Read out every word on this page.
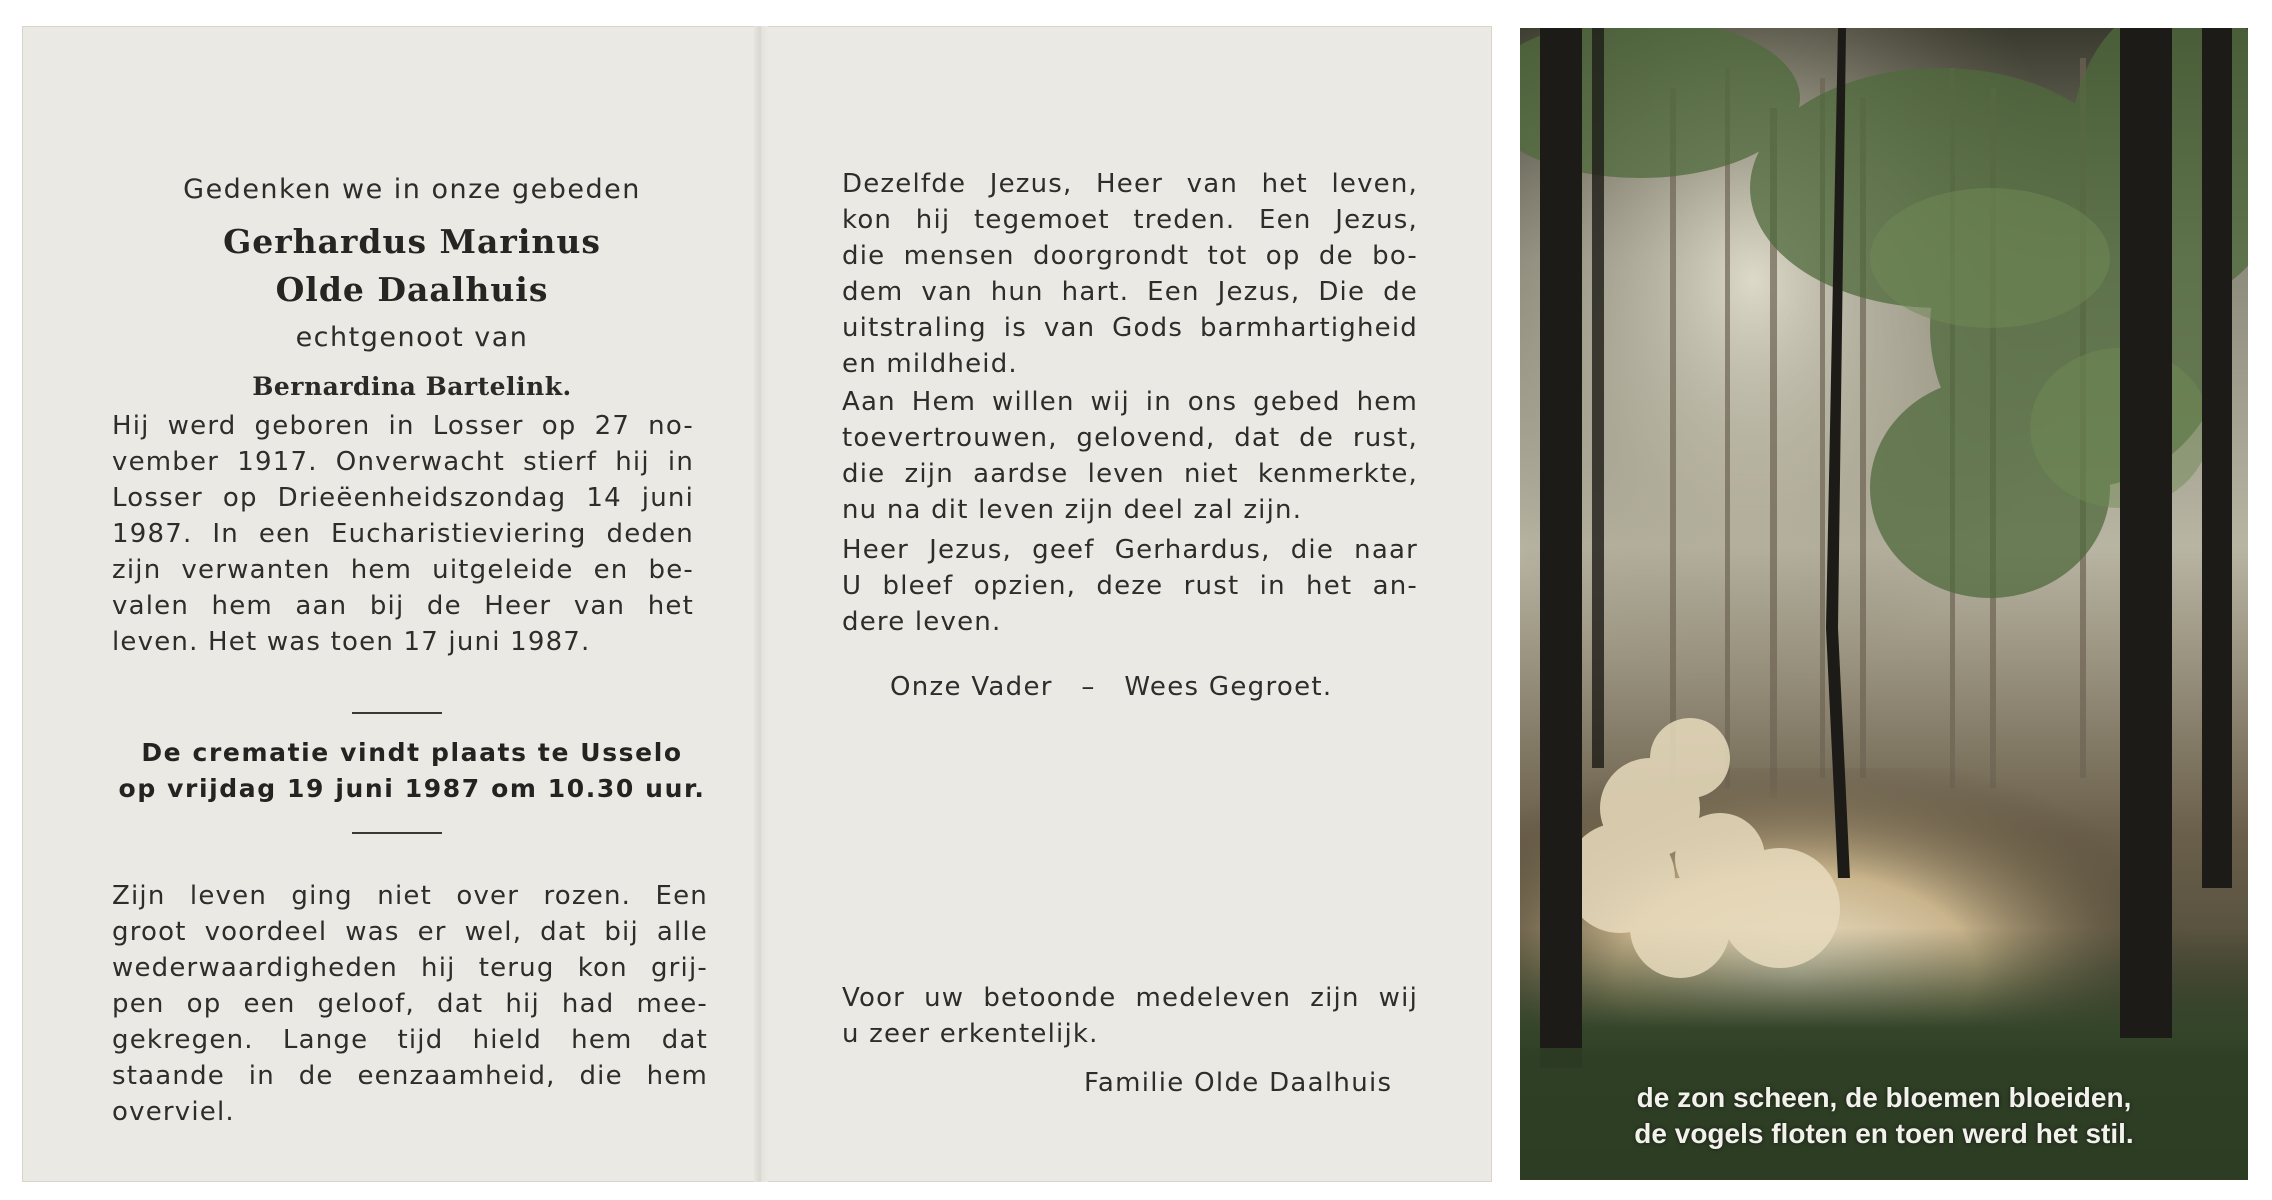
Gedenken we in onze gebeden
Gerhardus Marinus
Olde Daalhuis
echtgenoot van
Bernardina Bartelink.
Hij werd geboren in Losser op 27 no-
vember 1917. Onverwacht stierf hij in
Losser op Drieëenheidszondag 14 juni
1987. In een Eucharistieviering deden
zijn verwanten hem uitgeleide en be-
valen hem aan bij de Heer van het
leven. Het was toen 17 juni 1987.
De crematie vindt plaats te Usselo
op vrijdag 19 juni 1987 om 10.30 uur.
Zijn leven ging niet over rozen. Een
groot voordeel was er wel, dat bij alle
wederwaardigheden hij terug kon grij-
pen op een geloof, dat hij had mee-
gekregen. Lange tijd hield hem dat
staande in de eenzaamheid, die hem
overviel.
Dezelfde Jezus, Heer van het leven,
kon hij tegemoet treden. Een Jezus,
die mensen doorgrondt tot op de bo-
dem van hun hart. Een Jezus, Die de
uitstraling is van Gods barmhartigheid
en mildheid.
Aan Hem willen wij in ons gebed hem
toevertrouwen, gelovend, dat de rust,
die zijn aardse leven niet kenmerkte,
nu na dit leven zijn deel zal zijn.
Heer Jezus, geef Gerhardus, die naar
U bleef opzien, deze rust in het an-
dere leven.
Onze Vader   –   Wees Gegroet.
Voor uw betoonde medeleven zijn wij
u zeer erkentelijk.
Familie Olde Daalhuis	de zon scheen, de bloemen bloeiden,
de vogels floten en toen werd het stil.
